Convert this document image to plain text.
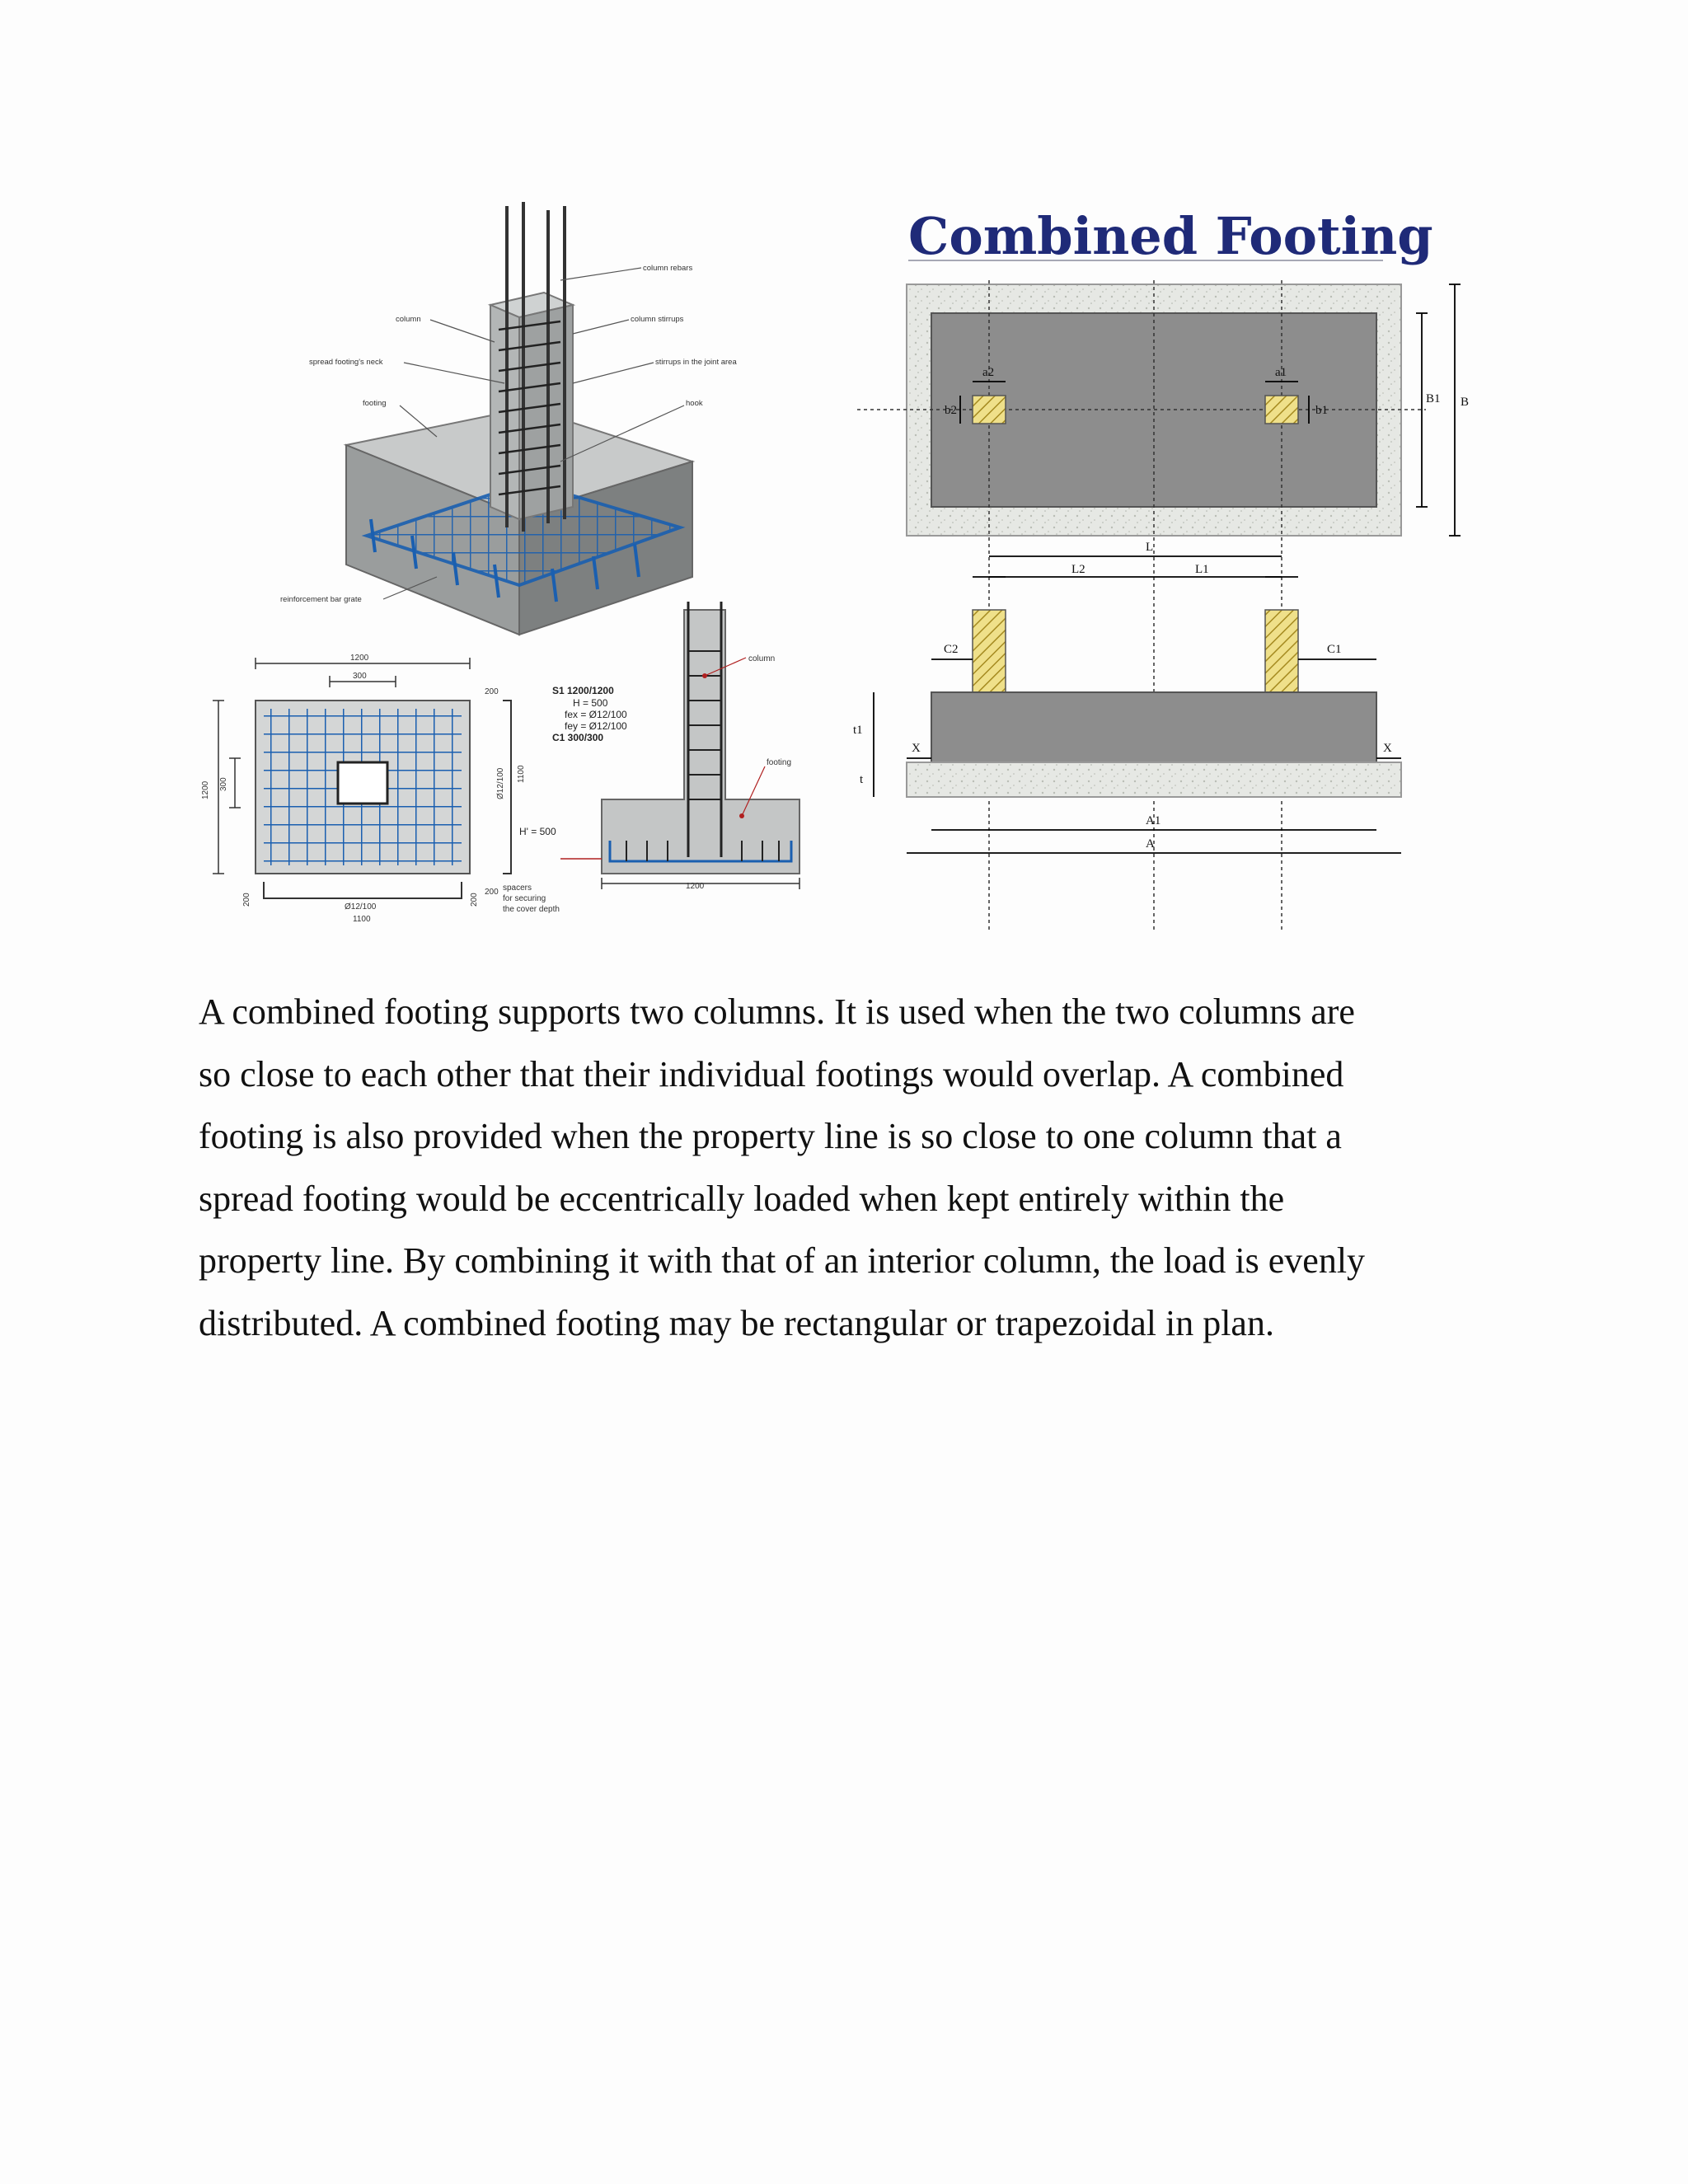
column rebars
column	column stirrups
spread footing's neck	stirrups in the joint area
footing	hook
reinforcement bar grate
1200
300
1200 300
Ø12/100
1100
200	200
200
Ø12/100 1100
200
S1 1200/1200
H = 500
fex = Ø12/100
fey = Ø12/100
C1 300/300
H' = 500
column
footing
spacers
for securing
the cover depth
1200
Combined Footing
a2
b2
a1
b1
B1 B
L
L2	L1
C2	C1
t1
t
X	X
A1
A
A combined footing supports two columns. It is used when the two columns are
so close to each other that their individual footings would overlap. A combined
footing is also provided when the property line is so close to one column that a
spread footing would be eccentrically loaded when kept entirely within the
property line. By combining it with that of an interior column, the load is evenly
distributed. A combined footing may be rectangular or trapezoidal in plan.
